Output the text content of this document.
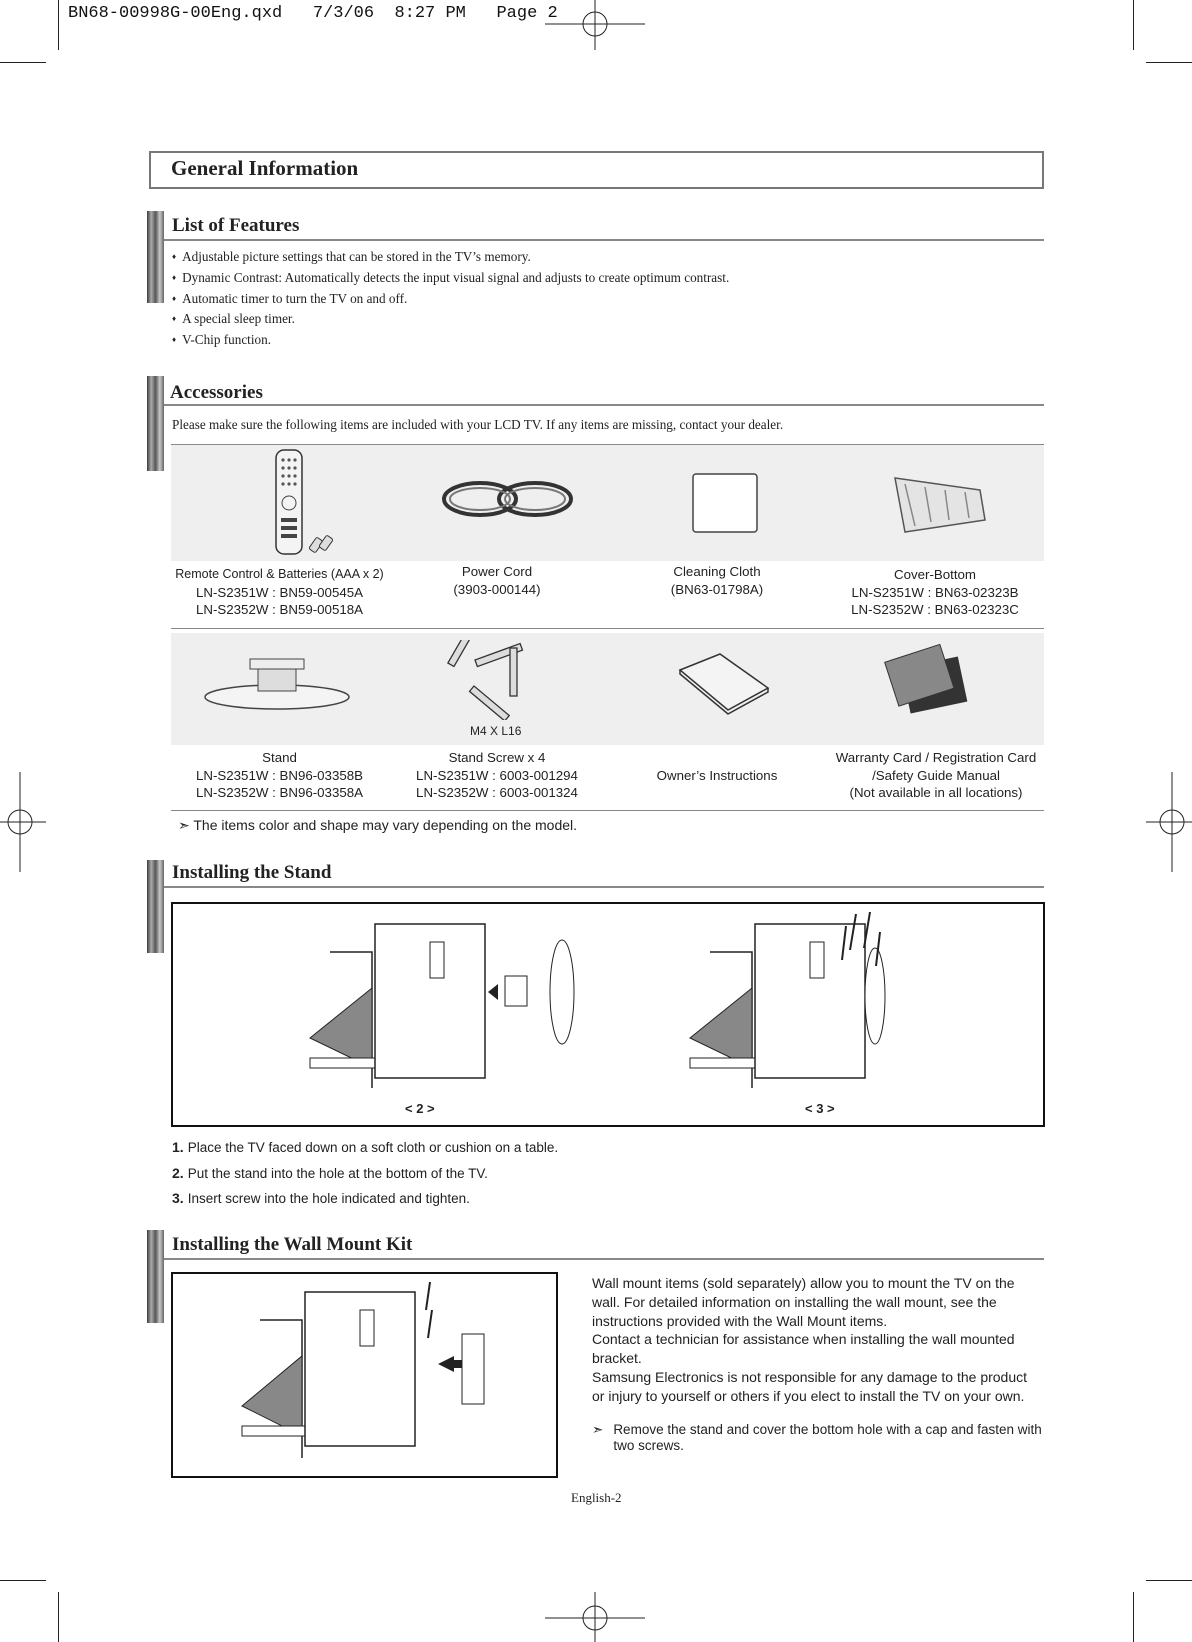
BN68-00998G-00Eng.qxd   7/3/06  8:27 PM   Page 2
General Information
List of Features
♦ Adjustable picture settings that can be stored in the TV’s memory.
♦ Dynamic Contrast: Automatically detects the input visual signal and adjusts to create optimum contrast.
♦ Automatic timer to turn the TV on and off.
♦ A special sleep timer.
♦ V-Chip function.
Accessories
Please make sure the following items are included with your LCD TV. If any items are missing, contact your dealer.
Remote Control & Batteries (AAA x 2)
LN-S2351W : BN59-00545A
LN-S2352W : BN59-00518A
Power Cord
(3903-000144)
Cleaning Cloth
(BN63-01798A)
Cover-Bottom
LN-S2351W : BN63-02323B
LN-S2352W : BN63-02323C
M4 X L16
Stand
LN-S2351W : BN96-03358B
LN-S2352W : BN96-03358A
Stand Screw x 4
LN-S2351W : 6003-001294
LN-S2352W : 6003-001324
Owner’s Instructions
Warranty Card / Registration Card
/Safety Guide Manual
(Not available in all locations)
➣ The items color and shape may vary depending on the model.
Installing the Stand
< 2 >	< 3 >
1. Place the TV faced down on a soft cloth or cushion on a table.
2. Put the stand into the hole at the bottom of the TV.
3. Insert screw into the hole indicated and tighten.
Installing the Wall Mount Kit
Wall mount items (sold separately) allow you to mount the TV on the wall. For detailed information on installing the wall mount, see the instructions provided with the Wall Mount items.
Contact a technician for assistance when installing the wall mounted bracket.
Samsung Electronics is not responsible for any damage to the product or injury to yourself or others if you elect to install the TV on your own.
➣ Remove the stand and cover the bottom hole with a cap and fasten with two screws.
English-2
